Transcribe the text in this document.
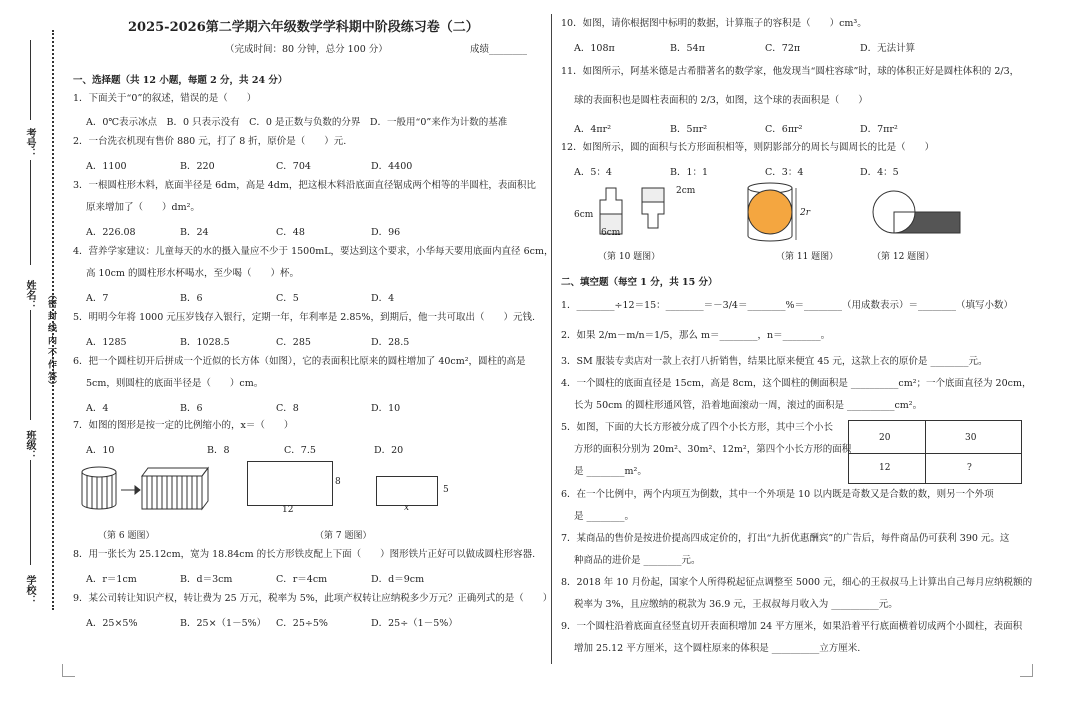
（密 封 线 内 不 作 答）
考号：
姓名：
班级：
学校：
2025-2026第二学期六年级数学学科期中阶段练习卷（二）
（完成时间：80 分钟，总分 100 分）	成绩________
一、选择题（共 12 小题，每题 2 分，共 24 分）
1．下面关于“0”的叙述，错误的是（　　）
A．0℃表示冰点　B．0 只表示没有　C．0 是正数与负数的分界　D．一般用“0”来作为计数的基准
2．一台洗衣机现有售价 880 元，打了 8 折，原价是（　　）元.
A．1100	B．220	C．704	D．4400
3．一根圆柱形木料，底面半径是 6dm，高是 4dm，把这根木料沿底面直径锯成两个相等的半圆柱，表面积比
原来增加了（　　）dm²。
A．226.08	B．24	C．48	D．96
4．营养学家建议：儿童每天的水的摄入量应不少于 1500mL，要达到这个要求，小华每天要用底面内直径 6cm，
高 10cm 的圆柱形水杯喝水，至少喝（　　）杯。
A．7	B．6	C．5	D．4
5．明明今年将 1000 元压岁钱存入银行，定期一年，年利率是 2.85%，到期后，他一共可取出（　　）元钱.
A．1285	B．1028.5	C．285	D．28.5
6．把一个圆柱切开后拼成一个近似的长方体（如图），它的表面积比原来的圆柱增加了 40cm²，圆柱的高是
5cm，则圆柱的底面半径是（　　）cm。
A．4	B．6	C．8	D．10
7．如图的图形是按一定的比例缩小的，x＝（　　）
A．10	B．8	C．7.5	D．20
8
12
5
x
（第 6 题图）	（第 7 题图）
8．用一张长为 25.12cm，宽为 18.84cm 的长方形铁皮配上下面（　　）图形铁片正好可以做成圆柱形容器.
A．r＝1cm	B．d＝3cm	C．r＝4cm	D．d＝9cm
9．某公司转让知识产权，转让费为 25 万元，税率为 5%，此项产权转让应纳税多少万元？正确列式的是（　　）
A．25×5%	B．25×（1－5%） C．25÷5%	D．25÷（1－5%）
10．如图，请你根据图中标明的数据，计算瓶子的容积是（　　）cm³。
A．108π	B．54π	C．72π	D．无法计算
11．如图所示，阿基米德是古希腊著名的数学家，他发现当“圆柱容球”时，球的体积正好是圆柱体积的 2/3，
球的表面积也是圆柱表面积的 2/3，如图，这个球的表面积是（　　）
A．4πr²	B．5πr²	C．6πr²	D．7πr²
12．如图所示，圆的面积与长方形面积相等，则阴影部分的周长与圆周长的比是（　　）
A．5：4	B．1：1	C．3：4	D．4：5
6cm
6cm
2cm
2r
（第 10 题图）	（第 11 题图）	（第 12 题图）
二、填空题（每空 1 分，共 15 分）
1．________÷12＝15：________＝－3/4＝________%＝________（用成数表示）＝________（填写小数）
2．如果 2/m－m/n＝1/5，那么 m＝________，n＝________。
3．SM 服装专卖店对一款上衣打八折销售，结果比原来便宜 45 元，这款上衣的原价是 ________元。
4．一个圆柱的底面直径是 15cm，高是 8cm，这个圆柱的侧面积是 __________cm²；一个底面直径为 20cm，
长为 50cm 的圆柱形通风管，沿着地面滚动一周，滚过的面积是 __________cm²。
5．如图，下面的大长方形被分成了四个小长方形，其中三个小长
方形的面积分别为 20m²、30m²、12m²，第四个小长方形的面积
是 ________m²。
20	30
12	?
6．在一个比例中，两个内项互为倒数，其中一个外项是 10 以内既是奇数又是合数的数，则另一个外项
是 ________。
7．某商品的售价是按进价提高四成定价的，打出“九折优惠酬宾”的广告后，每件商品仍可获利 390 元。这
种商品的进价是 ________元。
8．2018 年 10 月份起，国家个人所得税起征点调整至 5000 元，细心的王叔叔马上计算出自己每月应纳税额的
税率为 3%，且应缴纳的税款为 36.9 元，王叔叔每月收入为 __________元。
9．一个圆柱沿着底面直径竖直切开表面积增加 24 平方厘米，如果沿着平行底面横着切成两个小圆柱，表面积
增加 25.12 平方厘米，这个圆柱原来的体积是 __________立方厘米.
